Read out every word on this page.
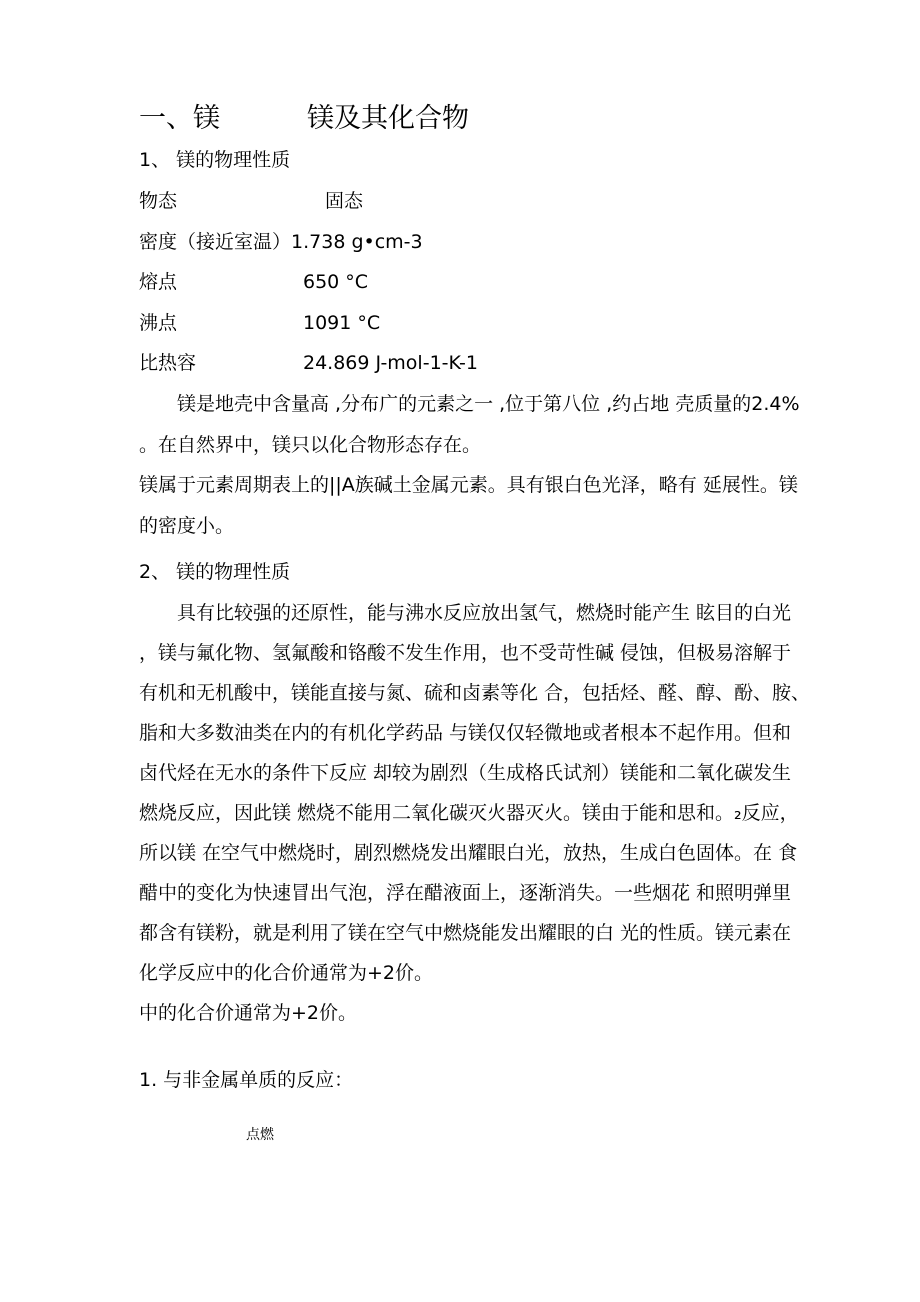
一、镁	镁及其化合物
1、 镁的物理性质
物态	固态
密度（接近室温）1.738 g•cm-3
熔点	650 °C
沸点	1091 °C
比热容	24.869 J-mol-1-K-1
　　镁是地壳中含量高 ,分布广的元素之一 ,位于第八位 ,约占地 壳质量的2.4%
。在自然界中，镁只以化合物形态存在。
镁属于元素周期表上的||A族碱土金属元素。具有银白色光泽，略有 延展性。镁
的密度小。
2、 镁的物理性质
　　具有比较强的还原性，能与沸水反应放出氢气，燃烧时能产生 眩目的白光
，镁与氟化物、氢氟酸和铬酸不发生作用，也不受苛性碱 侵蚀，但极易溶解于
有机和无机酸中，镁能直接与氮、硫和卤素等化 合，包括烃、醛、醇、酚、胺、
脂和大多数油类在内的有机化学药品 与镁仅仅轻微地或者根本不起作用。但和
卤代烃在无水的条件下反应 却较为剧烈（生成格氏试剂）镁能和二氧化碳发生
燃烧反应，因此镁 燃烧不能用二氧化碳灭火器灭火。镁由于能和思和。₂反应，
所以镁 在空气中燃烧时，剧烈燃烧发出耀眼白光，放热，生成白色固体。在 食
醋中的变化为快速冒出气泡，浮在醋液面上，逐渐消失。一些烟花 和照明弹里
都含有镁粉，就是利用了镁在空气中燃烧能发出耀眼的白 光的性质。镁元素在
化学反应中的化合价通常为+2价。
中的化合价通常为+2价。
1. 与非金属单质的反应：
点燃
